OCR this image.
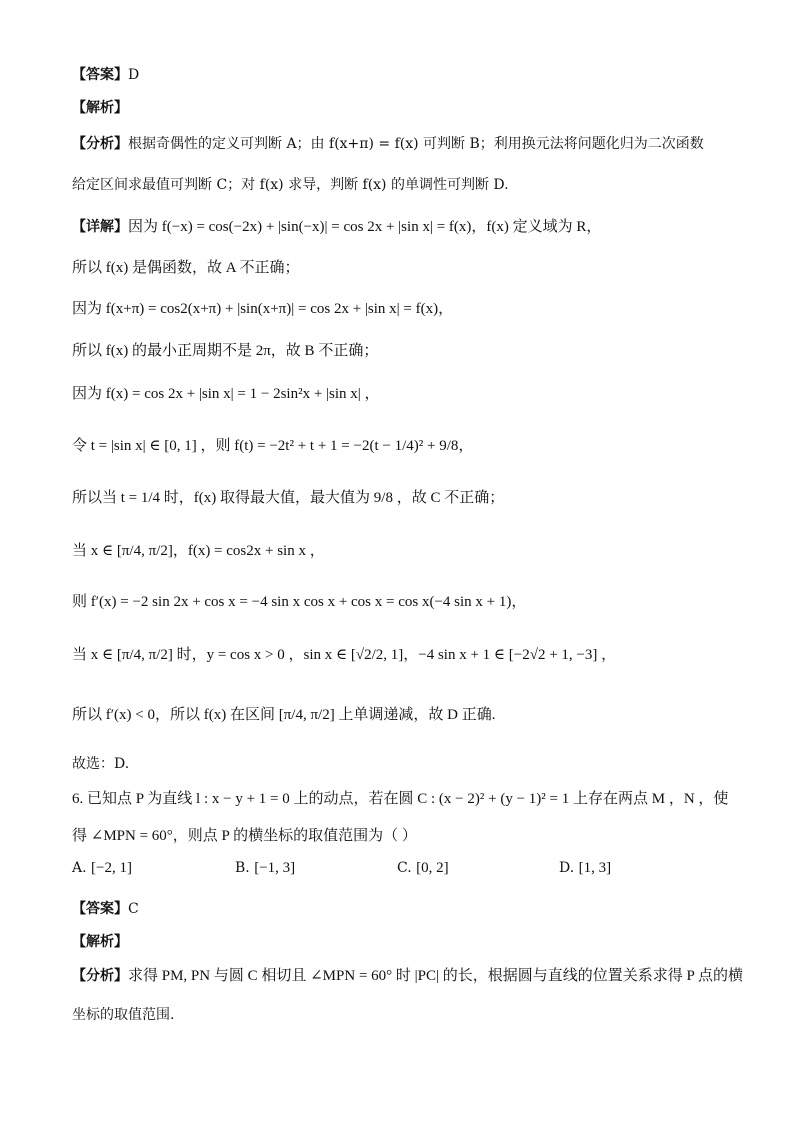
【答案】D
【解析】
【分析】根据奇偶性的定义可判断 A；由 f(x+π) = f(x) 可判断 B；利用换元法将问题化归为二次函数
给定区间求最值可判断 C；对 f(x) 求导，判断 f(x) 的单调性可判断 D.
【详解】因为 f(−x) = cos(−2x) + |sin(−x)| = cos 2x + |sin x| = f(x)，f(x) 定义域为 R，
所以 f(x) 是偶函数，故 A 不正确；
因为 f(x+π) = cos2(x+π) + |sin(x+π)| = cos 2x + |sin x| = f(x)，
所以 f(x) 的最小正周期不是 2π，故 B 不正确；
因为 f(x) = cos 2x + |sin x| = 1 − 2sin²x + |sin x| ，
令 t = |sin x| ∈ [0, 1] ，则 f(t) = −2t² + t + 1 = −2(t − 1/4)² + 9/8，
所以当 t = 1/4 时，f(x) 取得最大值，最大值为 9/8 ，故 C 不正确；
当 x ∈ [π/4, π/2]，f(x) = cos2x + sin x ，
则 f′(x) = −2 sin 2x + cos x = −4 sin x cos x + cos x = cos x(−4 sin x + 1)，
当 x ∈ [π/4, π/2] 时，y = cos x > 0 ，sin x ∈ [√2/2, 1]，−4 sin x + 1 ∈ [−2√2 + 1, −3] ，
所以 f′(x) < 0，所以 f(x) 在区间 [π/4, π/2] 上单调递减，故 D 正确.
故选：D.
6. 已知点 P 为直线 l : x − y + 1 = 0 上的动点，若在圆 C : (x − 2)² + (y − 1)² = 1 上存在两点 M ，N ，使
得 ∠MPN = 60°，则点 P 的横坐标的取值范围为（ ）
A. [−2, 1]	B. [−1, 3]	C. [0, 2]	D. [1, 3]
【答案】C
【解析】
【分析】求得 PM, PN 与圆 C 相切且 ∠MPN = 60° 时 |PC| 的长，根据圆与直线的位置关系求得 P 点的横
坐标的取值范围.
